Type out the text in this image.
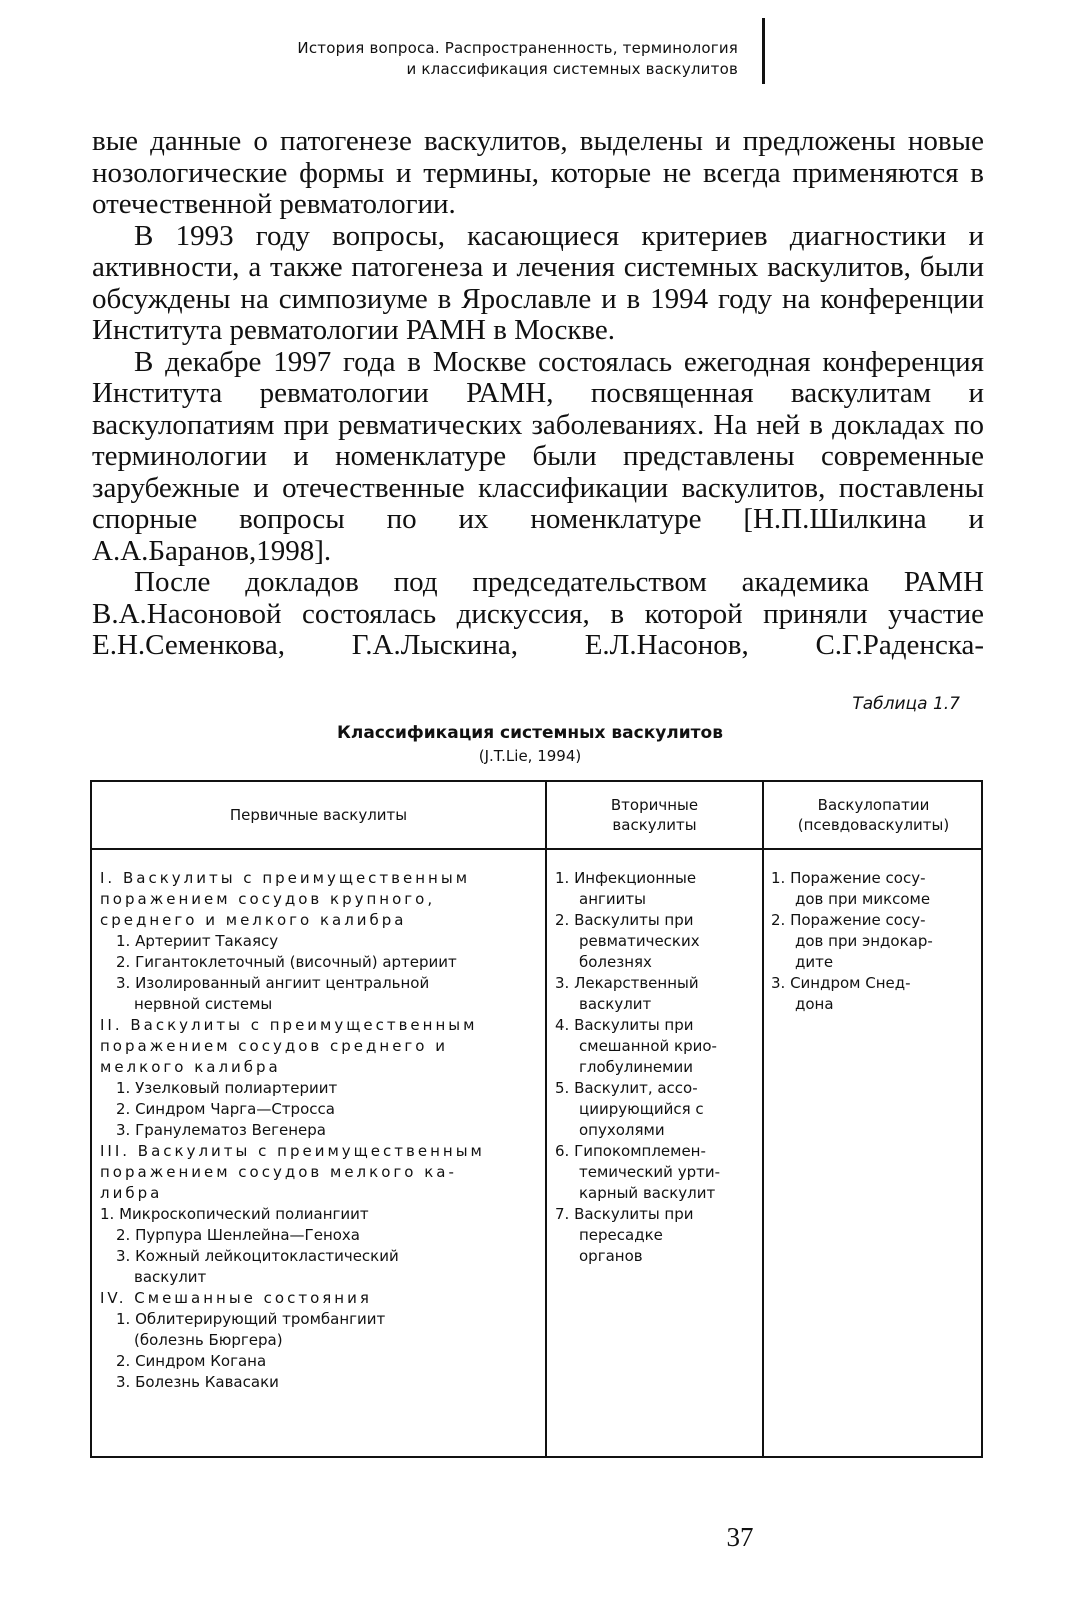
История вопроса. Распространенность, терминология
и классификация системных васкулитов

вые данные о патогенезе васкулитов, выделены и предложены новые нозологические формы и термины, которые не всегда применяются в отечественной ревматологии.

В 1993 году вопросы, касающиеся критериев диагностики и активности, а также патогенеза и лечения системных васкулитов, были обсуждены на симпозиуме в Ярославле и в 1994 году на конференции Института ревматологии РАМН в Москве.

В декабре 1997 года в Москве состоялась ежегодная конференция Института ревматологии РАМН, посвященная васкулитам и васкулопатиям при ревматических заболеваниях. На ней в докладах по терминологии и номенклатуре были представлены современные зарубежные и отечественные классификации васкулитов, поставлены спорные вопросы по их номенклатуре [Н.П.Шилкина и А.А.Баранов,1998].

После докладов под председательством академика РАМН В.А.Насоновой состоялась дискуссия, в которой приняли участие Е.Н.Семенкова, Г.А.Лыскина, Е.Л.Насонов, С.Г.Раденска-

Таблица 1.7
Классификация системных васкулитов
(J.T.Lie, 1994)
Первичные васкулиты
Вторичные
васкулиты
Васкулопатии
(псевдоваскулиты)
I. Васкулиты с преимущественным
поражением сосудов крупного,
среднего и мелкого калибра
1. Артериит Такаясу
2. Гигантоклеточный (височный) артериит
3. Изолированный ангиит центральной
нервной системы
II. Васкулиты с преимущественным
поражением сосудов среднего и
мелкого калибра
1. Узелковый полиартериит
2. Синдром Чарга—Стросса
3. Гранулематоз Вегенера
III. Васкулиты с преимущественным
поражением сосудов мелкого ка-
либра
1. Микроскопический полиангиит
2. Пурпура Шенлейна—Геноха
3. Кожный лейкоцитокластический
васкулит
IV. Смешанные состояния
1. Облитерирующий тромбангиит
(болезнь Бюргера)
2. Синдром Когана
3. Болезнь Кавасаки
1. Инфекционные
ангииты
2. Васкулиты при
ревматических
болезнях
3. Лекарственный
васкулит
4. Васкулиты при
смешанной крио-
глобулинемии
5. Васкулит, ассо-
циирующийся с
опухолями
6. Гипокомплемен-
темический урти-
карный васкулит
7. Васкулиты при
пересадке
органов
1. Поражение сосу-
дов при миксоме
2. Поражение сосу-
дов при эндокар-
дите
3. Синдром Снед-
дона
37
